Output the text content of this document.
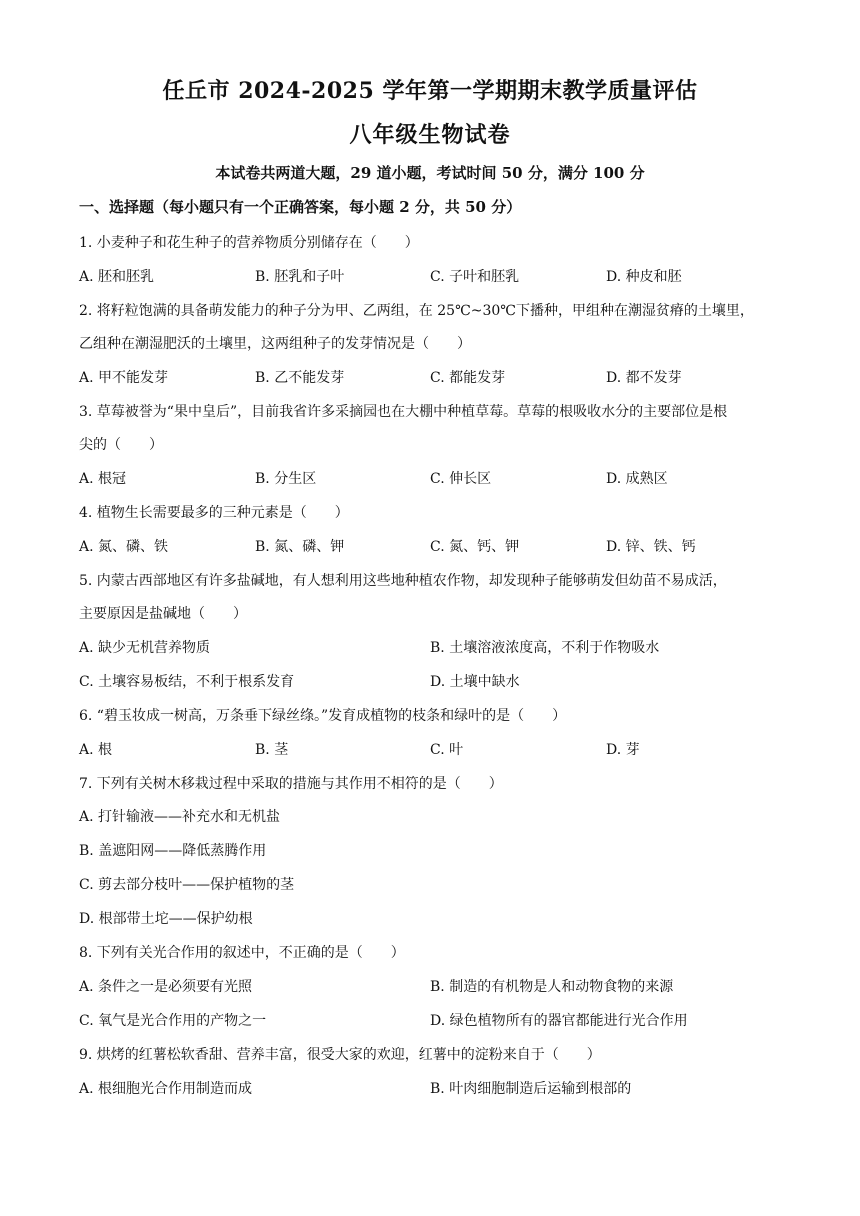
任丘市 2024-2025 学年第一学期期末教学质量评估
八年级生物试卷
本试卷共两道大题，29 道小题，考试时间 50 分，满分 100 分
一、选择题（每小题只有一个正确答案，每小题 2 分，共 50 分）
1. 小麦种子和花生种子的营养物质分别储存在（　　）
A. 胚和胚乳	B. 胚乳和子叶	C. 子叶和胚乳	D. 种皮和胚
2. 将籽粒饱满的具备萌发能力的种子分为甲、乙两组，在 25℃~30℃下播种，甲组种在潮湿贫瘠的土壤里，
乙组种在潮湿肥沃的土壤里，这两组种子的发芽情况是（　　）
A. 甲不能发芽	B. 乙不能发芽	C. 都能发芽	D. 都不发芽
3. 草莓被誉为“果中皇后”，目前我省许多采摘园也在大棚中种植草莓。草莓的根吸收水分的主要部位是根
尖的（　　）
A. 根冠	B. 分生区	C. 伸长区	D. 成熟区
4. 植物生长需要最多的三种元素是（　　）
A. 氮、磷、铁	B. 氮、磷、钾	C. 氮、钙、钾	D. 锌、铁、钙
5. 内蒙古西部地区有许多盐碱地，有人想利用这些地种植农作物，却发现种子能够萌发但幼苗不易成活，
主要原因是盐碱地（　　）
A. 缺少无机营养物质	B. 土壤溶液浓度高，不利于作物吸水
C. 土壤容易板结，不利于根系发育	D. 土壤中缺水
6. “碧玉妆成一树高，万条垂下绿丝绦。”发育成植物的枝条和绿叶的是（　　）
A. 根	B. 茎	C. 叶	D. 芽
7. 下列有关树木移栽过程中采取的措施与其作用不相符的是（　　）
A. 打针输液——补充水和无机盐
B. 盖遮阳网——降低蒸腾作用
C. 剪去部分枝叶——保护植物的茎
D. 根部带土坨——保护幼根
8. 下列有关光合作用的叙述中，不正确的是（　　）
A. 条件之一是必须要有光照	B. 制造的有机物是人和动物食物的来源
C. 氧气是光合作用的产物之一	D. 绿色植物所有的器官都能进行光合作用
9. 烘烤的红薯松软香甜、营养丰富，很受大家的欢迎，红薯中的淀粉来自于（　　）
A. 根细胞光合作用制造而成	B. 叶肉细胞制造后运输到根部的
